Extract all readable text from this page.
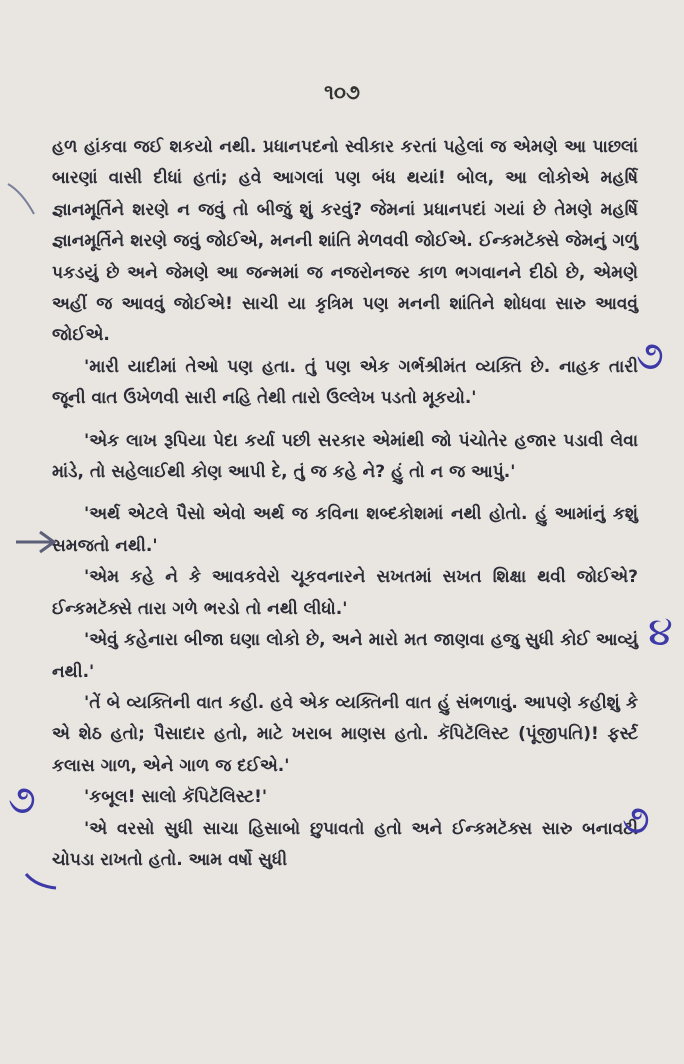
૧૦૭

હળ હાંકવા જઈ શકયો નથી. પ્રધાનપદનો સ્વીકાર કરતાં પહેલાં જ એમણે આ પાછલાં બારણાં વાસી દીધાં હતાં; હવે આગલાં પણ બંધ થયાં! બોલ, આ લોકોએ મહર્ષિ જ્ઞાનમૂર્તિને શરણે ન જવું તો બીજું શું કરવું? જેમનાં પ્રધાનપદાં ગયાં છે તેમણે મહર્ષિ જ્ઞાનમૂર્તિને શરણે જવું જોઈએ, મનની શાંતિ મેળવવી જોઈએ. ઈન્કમટૅક્સે જેમનું ગળું પકડયું છે અને જેમણે આ જન્મમાં જ નજરોનજર કાળ ભગવાનને દીઠો છે, એમણે અહીં જ આવવું જોઈએ! સાચી યા કૃત્રિમ પણ મનની શાંતિને શોધવા સારુ આવવું જોઈએ.

'મારી યાદીમાં તેઓ પણ હતા. તું પણ એક ગર્ભશ્રીમંત વ્યક્તિ છે. નાહક તારી જૂની વાત ઉખેળવી સારી નહિ તેથી તારો ઉલ્લેખ પડતો મૂકયો.'

'એક લાખ રૂપિયા પેદા કર્યા પછી સરકાર એમાંથી જો પંચોતેર હજાર પડાવી લેવા માંડે, તો સહેલાઈથી કોણ આપી દે, તું જ કહે ને? હું તો ન જ આપું.'

'અર્થ એટલે પૈસો એવો અર્થ જ કવિના શબ્દકોશમાં નથી હોતો. હું આમાંનું કશું સમજતો નથી.'

'એમ કહે ને કે આવકવેરો ચૂકવનારને સખતમાં સખત શિક્ષા થવી જોઈએ? ઈન્કમટૅક્સે તારા ગળે ભરડો તો નથી લીધો.'

'એવું કહેનારા બીજા ઘણા લોકો છે, અને મારો મત જાણવા હજુ સુધી કોઈ આવ્યું નથી.'

'તેં બે વ્યક્તિની વાત કહી. હવે એક વ્યક્તિની વાત હું સંભળાવું. આપણે કહીશું કે એ શેઠ હતો; પૈસાદાર હતો, માટે ખરાબ માણસ હતો. કૅપિટૅલિસ્ટ (પૂંજીપતિ)! ફર્સ્ટ કલાસ ગાળ, એને ગાળ જ દઈએ.'

'કબૂલ! સાલો કૅપિટૅલિસ્ટ!'

'એ વરસો સુધી સાચા હિસાબો છુપાવતો હતો અને ઈન્કમટૅક્સ સારુ બનાવટી ચોપડા રાખતો હતો. આમ વર્ષો સુધી

૭
૪
૭	૭
